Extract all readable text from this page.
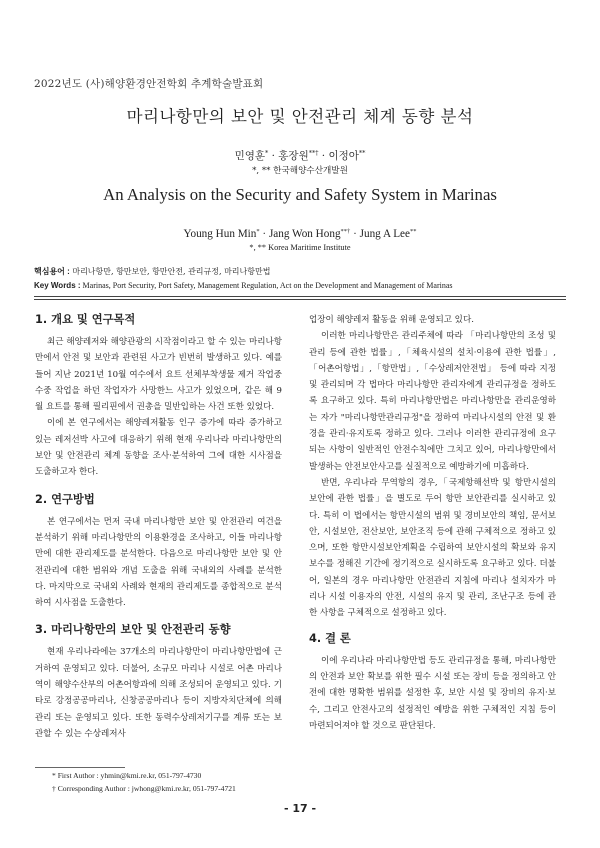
2022년도 (사)해양환경안전학회 추계학술발표회
마리나항만의 보안 및 안전관리 체계 동향 분석
민영훈* · 홍장원**† · 이정아**
*, ** 한국해양수산개발원
An Analysis on the Security and Safety System in Marinas
Young Hun Min* · Jang Won Hong**† · Jung A Lee**
*, ** Korea Maritime Institute
핵심용어 : 마리나항만, 항만보안, 항만안전, 관리규정, 마리나항만법
Key Words : Marinas, Port Security, Port Safety, Management Regulation, Act on the Development and Management of Marinas
1. 개요 및 연구목적

최근 해양레저와 해양관광의 시작점이라고 할 수 있는 마리나항만에서 안전 및 보안과 관련된 사고가 빈번히 발생하고 있다. 예를 들어 지난 2021년 10월 여수에서 요트 선체부착생물 제거 작업중 수중 작업을 하던 작업자가 사망한느 사고가 있었으며, 같은 해 9월 요트를 통해 필리핀에서 권총을 밀반입하는 사건 또한 있었다.

이에 본 연구에서는 해양레저활동 인구 증가에 따라 증가하고 있는 레저선박 사고에 대응하기 위해 현재 우리나라 마리나항만의 보안 및 안전관리 체계 동향을 조사·분석하여 그에 대한 시사점을 도출하고자 한다.

2. 연구방법

본 연구에서는 먼저 국내 마리나항만 보안 및 안전관리 여건을 분석하기 위해 마리나항만의 이용환경을 조사하고, 이들 마리나항만에 대한 관리제도를 분석한다. 다음으로 마리나항만 보안 및 안전관리에 대한 범위와 개념 도출을 위해 국내외의 사례를 분석한다. 마지막으로 국내외 사례와 현재의 관리제도를 종합적으로 분석하여 시사점을 도출한다.

3. 마리나항만의 보안 및 안전관리 동향

현재 우리나라에는 37개소의 마리나항만이 마리나항만법에 근거하여 운영되고 있다. 더불어, 소규모 마리나 시설로 어촌 마리나역이 해양수산부의 어촌어항과에 의해 조성되어 운영되고 있다. 기타로 강정공공마리나, 신창공공마리나 등이 지방자치단체에 의해 관리 또는 운영되고 있다. 또한 동력수상레저기구를 계류 또는 보관할 수 있는 수상레저사

업장이 해양레저 활동을 위해 운영되고 있다.

이러한 마리나항만은 관리주체에 따라 「마리나항만의 조성 및 관리 등에 관한 법률」,「체육시설의 설치·이용에 관한 법률」,「어촌어항법」,「항만법」,「수상레저안전법」 등에 따라 지정 및 관리되며 각 법마다 마리나항만 관리자에게 관리규정을 정하도록 요구하고 있다. 특히 마리나항만법은 마리나항만을 관리운영하는 자가 "마리나항만관리규정"을 정하여 마리나시설의 안전 및 환경을 관리·유지토록 정하고 있다. 그러나 이러한 관리규정에 요구되는 사항이 일반적인 안전수칙에만 그치고 있어, 마리나항만에서 발생하는 안전보안사고를 실질적으로 예방하기에 미흡하다.

반면, 우리나라 무역항의 경우,「국제항해선박 및 항만시설의 보안에 관한 법률」을 별도로 두어 항만 보안관리를 실시하고 있다. 특히 이 법에서는 항만시설의 범위 및 경비보안의 책임, 문서보안, 시설보안, 전산보안, 보안조직 등에 관해 구체적으로 정하고 있으며, 또한 항만시설보안계획을 수립하여 보안시설의 확보와 유지보수를 정해진 기간에 정기적으로 실시하도록 요구하고 있다. 더불어, 일본의 경우 마리나항만 안전관리 지침에 마리나 설치자가 마리나 시설 이용자의 안전, 시설의 유지 및 관리, 조난구조 등에 관한 사항을 구체적으로 설정하고 있다.

4. 결 론

이에 우리나라 마리나항만법 등도 관리규정을 통해, 마리나항만의 안전과 보안 확보를 위한 필수 시설 또는 장비 등을 정의하고 안전에 대한 명확한 범위를 설정한 후, 보안 시설 및 장비의 유지·보수, 그리고 안전사고의 설정적인 예방을 위한 구체적인 지침 등이 마련되어져야 할 것으로 판단된다.

* First Author : yhmin@kmi.re.kr, 051-797-4730
† Corresponding Author : jwhong@kmi.re.kr, 051-797-4721
- 17 -
